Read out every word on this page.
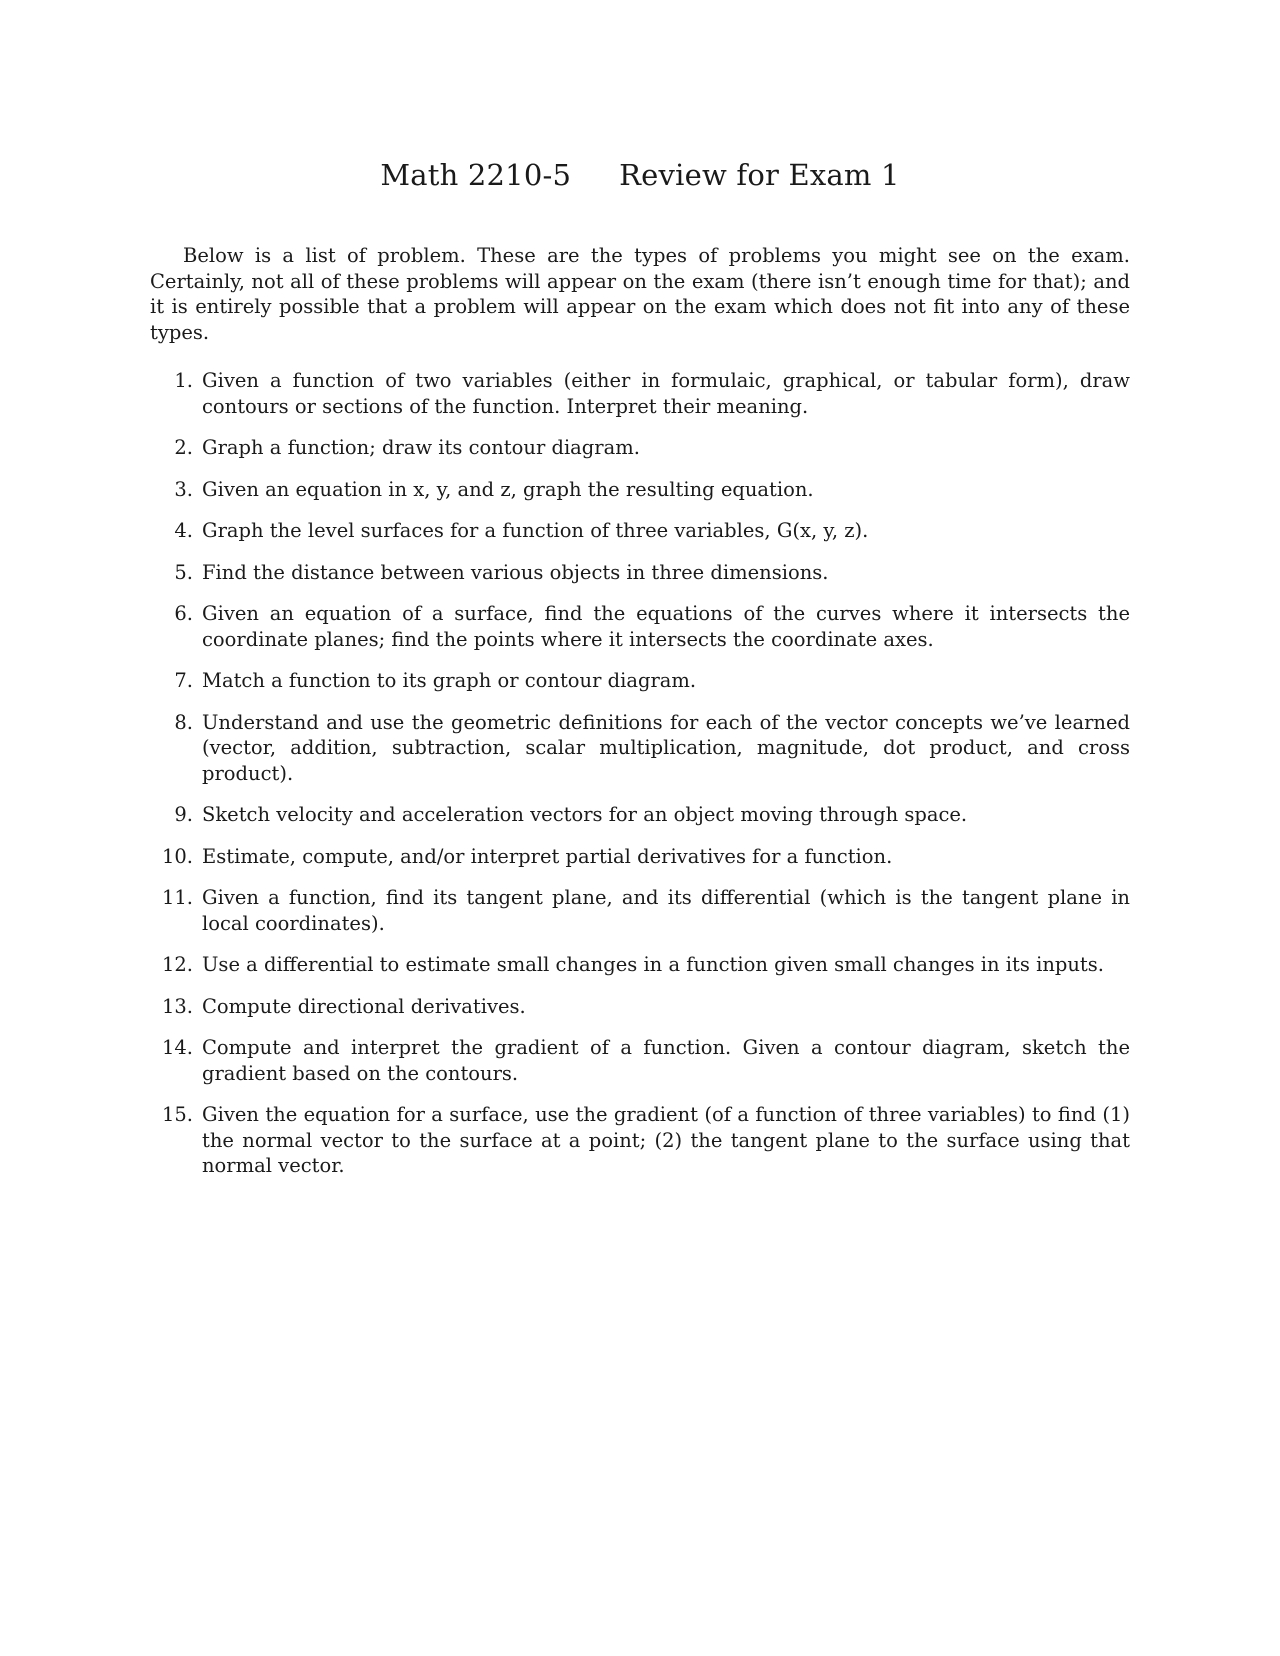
Math 2210-5 Review for Exam 1

Below is a list of problem. These are the types of problems you might see on the exam. Certainly, not all of these problems will appear on the exam (there isn’t enough time for that); and it is entirely possible that a problem will appear on the exam which does not fit into any of these types.

1. Given a function of two variables (either in formulaic, graphical, or tabular form), draw contours or sections of the function. Interpret their meaning.
2. Graph a function; draw its contour diagram.
3. Given an equation in x, y, and z, graph the resulting equation.
4. Graph the level surfaces for a function of three variables, G(x, y, z).
5. Find the distance between various objects in three dimensions.
6. Given an equation of a surface, find the equations of the curves where it intersects the coordinate planes; find the points where it intersects the coordinate axes.
7. Match a function to its graph or contour diagram.
8. Understand and use the geometric definitions for each of the vector concepts we’ve learned (vector, addition, subtraction, scalar multiplication, magnitude, dot product, and cross product).
9. Sketch velocity and acceleration vectors for an object moving through space.
10. Estimate, compute, and/or interpret partial derivatives for a function.
11. Given a function, find its tangent plane, and its differential (which is the tangent plane in local coordinates).
12. Use a differential to estimate small changes in a function given small changes in its inputs.
13. Compute directional derivatives.
14. Compute and interpret the gradient of a function. Given a contour diagram, sketch the gradient based on the contours.
15. Given the equation for a surface, use the gradient (of a function of three variables) to find (1) the normal vector to the surface at a point; (2) the tangent plane to the surface using that normal vector.
